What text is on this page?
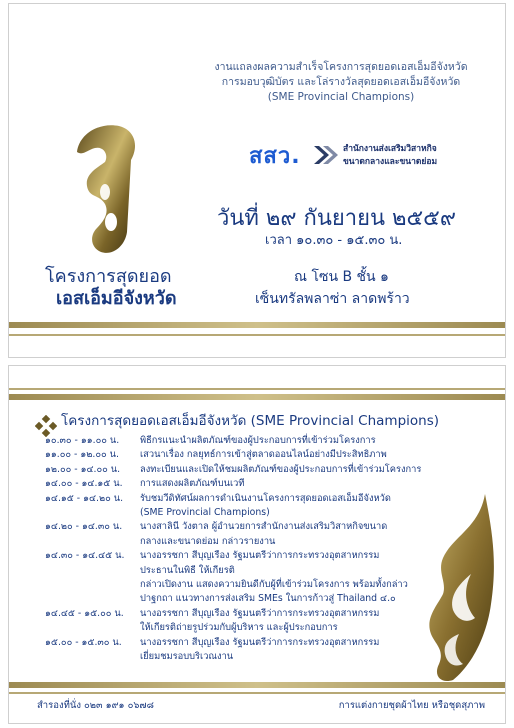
งานแถลงผลความสำเร็จโครงการสุดยอดเอสเอ็มอีจังหวัด
การมอบวุฒิบัตร และโล่รางวัลสุดยอดเอสเอ็มอีจังหวัด
(SME Provincial Champions)
โครงการสุดยอด
เอสเอ็มอีจังหวัด
สสว.	สำนักงานส่งเสริมวิสาหกิจ
ขนาดกลางและขนาดย่อม
วันที่ ๒๙ กันยายน ๒๕๕๙
เวลา ๑๐.๓๐ - ๑๕.๓๐ น.
ณ โซน B ชั้น ๑
เซ็นทรัลพลาซ่า ลาดพร้าว
โครงการสุดยอดเอสเอ็มอีจังหวัด (SME Provincial Champions)
๑๐.๓๐ - ๑๑.๐๐ น.	พิธีกรแนะนำผลิตภัณฑ์ของผู้ประกอบการที่เข้าร่วมโครงการ
๑๑.๐๐ - ๑๒.๐๐ น.	เสวนาเรื่อง กลยุทธ์การเข้าสู่ตลาดออนไลน์อย่างมีประสิทธิภาพ
๑๒.๐๐ - ๑๔.๐๐ น.	ลงทะเบียนและเปิดให้ชมผลิตภัณฑ์ของผู้ประกอบการที่เข้าร่วมโครงการ
๑๔.๐๐ - ๑๔.๑๕ น.	การแสดงผลิตภัณฑ์บนเวที
๑๔.๑๕ - ๑๔.๒๐ น.	รับชมวีดิทัศน์ผลการดำเนินงานโครงการสุดยอดเอสเอ็มอีจังหวัด
(SME Provincial Champions)
๑๔.๒๐ - ๑๔.๓๐ น.	นางสาลินี วังตาล ผู้อำนวยการสำนักงานส่งเสริมวิสาหกิจขนาด
กลางและขนาดย่อม กล่าวรายงาน
๑๔.๓๐ - ๑๔.๔๕ น.	นางอรรชกา สีบุญเรือง รัฐมนตรีว่าการกระทรวงอุตสาหกรรม
ประธานในพิธี ให้เกียรติ
กล่าวเปิดงาน แสดงความยินดีกับผู้ที่เข้าร่วมโครงการ พร้อมทั้งกล่าว
ปาฐกถา แนวทางการส่งเสริม SMEs ในการก้าวสู่ Thailand ๔.๐
๑๔.๔๕ - ๑๕.๐๐ น.	นางอรรชกา สีบุญเรือง รัฐมนตรีว่าการกระทรวงอุตสาหกรรม
ให้เกียรติถ่ายรูปร่วมกับผู้บริหาร และผู้ประกอบการ
๑๕.๐๐ - ๑๕.๓๐ น.	นางอรรชกา สีบุญเรือง รัฐมนตรีว่าการกระทรวงอุตสาหกรรม
เยี่ยมชมรอบบริเวณงาน
สำรองที่นั่ง ๐๒๓ ๑๙๑ ๐๖๗๘	การแต่งกายชุดผ้าไทย หรือชุดสุภาพ
